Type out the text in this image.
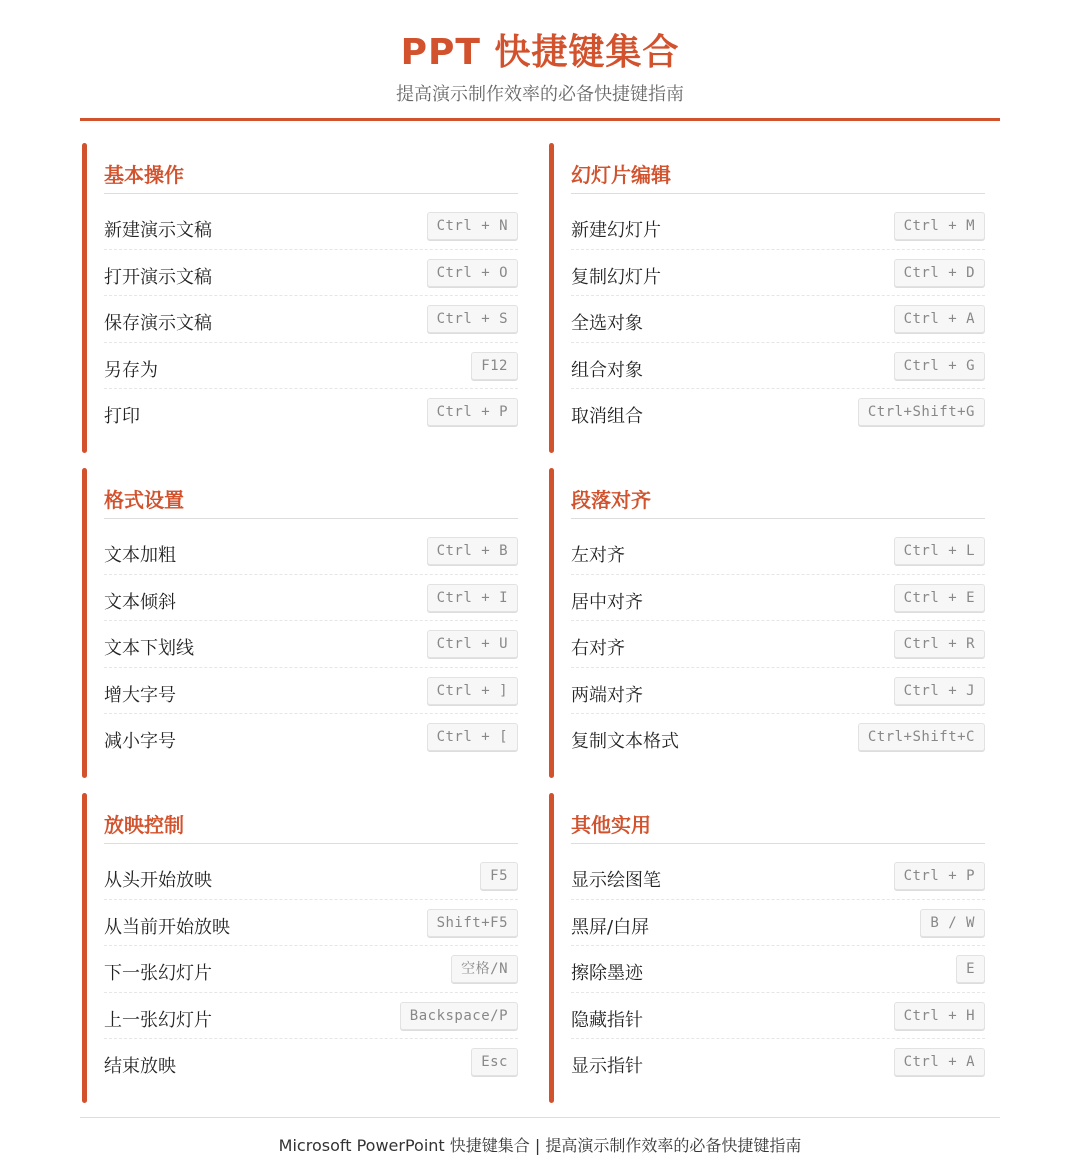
PPT 快捷键集合
提高演示制作效率的必备快捷键指南
基本操作
新建演示文稿	Ctrl + N
打开演示文稿	Ctrl + O
保存演示文稿	Ctrl + S
另存为	F12
打印	Ctrl + P
幻灯片编辑
新建幻灯片	Ctrl + M
复制幻灯片	Ctrl + D
全选对象	Ctrl + A
组合对象	Ctrl + G
取消组合	Ctrl+Shift+G
格式设置
文本加粗	Ctrl + B
文本倾斜	Ctrl + I
文本下划线	Ctrl + U
增大字号	Ctrl + ]
减小字号	Ctrl + [
段落对齐
左对齐	Ctrl + L
居中对齐	Ctrl + E
右对齐	Ctrl + R
两端对齐	Ctrl + J
复制文本格式	Ctrl+Shift+C
放映控制
从头开始放映	F5
从当前开始放映	Shift+F5
下一张幻灯片	空格/N
上一张幻灯片	Backspace/P
结束放映	Esc
其他实用
显示绘图笔	Ctrl + P
黑屏/白屏	B / W
擦除墨迹	E
隐藏指针	Ctrl + H
显示指针	Ctrl + A
Microsoft PowerPoint 快捷键集合 | 提高演示制作效率的必备快捷键指南
